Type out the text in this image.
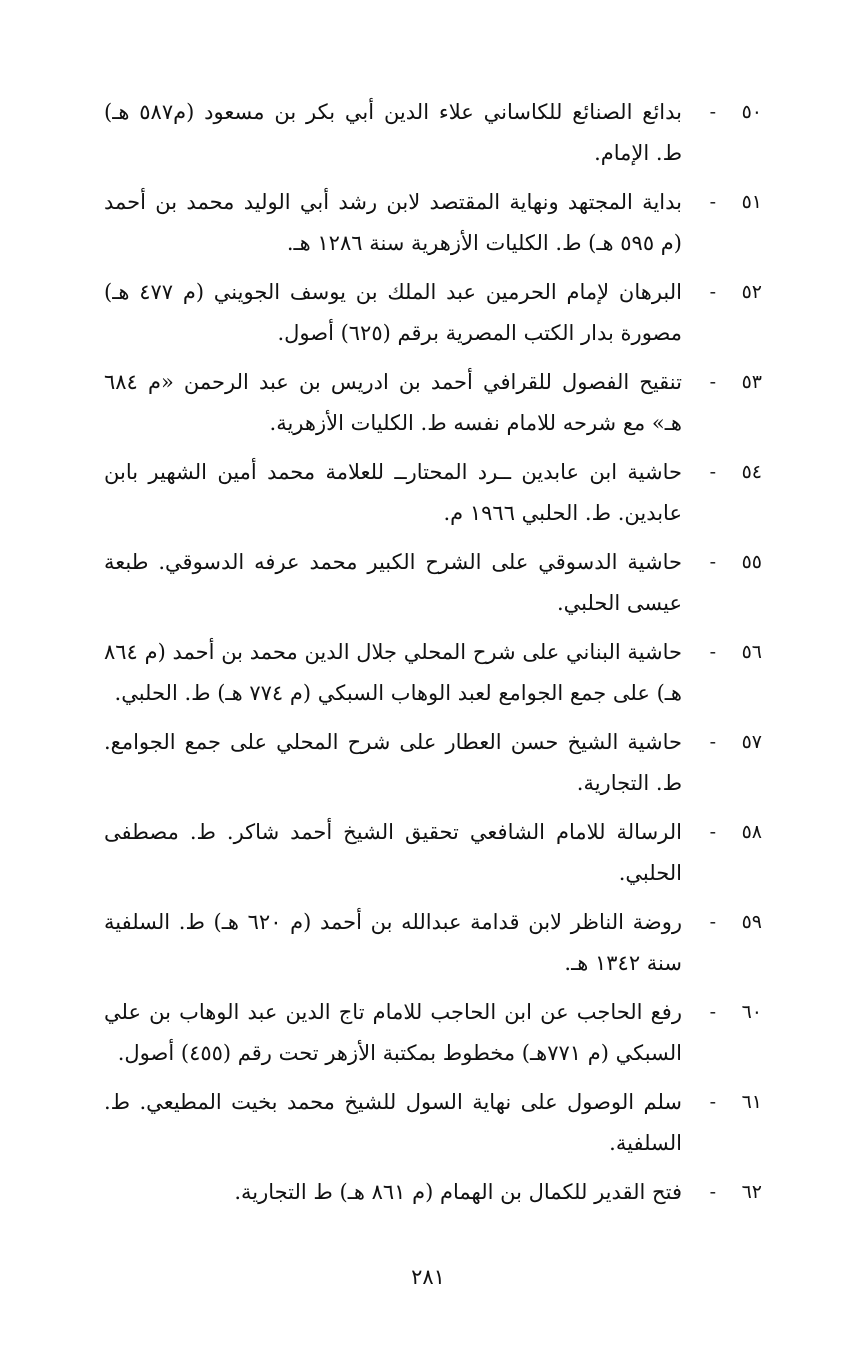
٥٠
-
بدائع الصنائع للكاساني علاء الدين أبي بكر بن مسعود (م٥٨٧ هـ) ط. الإمام.
٥١
-
بداية المجتهد ونهاية المقتصد لابن رشد أبي الوليد محمد بن أحمد (م ٥٩٥ هـ) ط. الكليات الأزهرية سنة ١٢٨٦ هـ.
٥٢
-
البرهان لإمام الحرمين عبد الملك بن يوسف الجويني (م ٤٧٧ هـ) مصورة بدار الكتب المصرية برقم (٦٢٥) أصول.
٥٣
-
تنقيح الفصول للقرافي أحمد بن ادريس بن عبد الرحمن «م ٦٨٤ هـ» مع شرحه للامام نفسه ط. الكليات الأزهرية.
٥٤
-
حاشية ابن عابدين ــرد المحتارــ للعلامة محمد أمين الشهير بابن عابدين. ط. الحلبي ١٩٦٦ م.
٥٥
-
حاشية الدسوقي على الشرح الكبير محمد عرفه الدسوقي. طبعة عيسى الحلبي.
٥٦
-
حاشية البناني على شرح المحلي جلال الدين محمد بن أحمد (م ٨٦٤ هـ) على جمع الجوامع لعبد الوهاب السبكي (م ٧٧٤ هـ) ط. الحلبي.
٥٧
-
حاشية الشيخ حسن العطار على شرح المحلي على جمع الجوامع. ط. التجارية.
٥٨
-
الرسالة للامام الشافعي تحقيق الشيخ أحمد شاكر. ط. مصطفى الحلبي.
٥٩
-
روضة الناظر لابن قدامة عبدالله بن أحمد (م ٦٢٠ هـ) ط. السلفية سنة ١٣٤٢ هـ.
٦٠
-
رفع الحاجب عن ابن الحاجب للامام تاج الدين عبد الوهاب بن علي السبكي (م ٧٧١هـ) مخطوط بمكتبة الأزهر تحت رقم (٤٥٥) أصول.
٦١
-
سلم الوصول على نهاية السول للشيخ محمد بخيت المطيعي. ط. السلفية.
٦٢
-
فتح القدير للكمال بن الهمام (م ٨٦١ هـ) ط التجارية.
٢٨١
